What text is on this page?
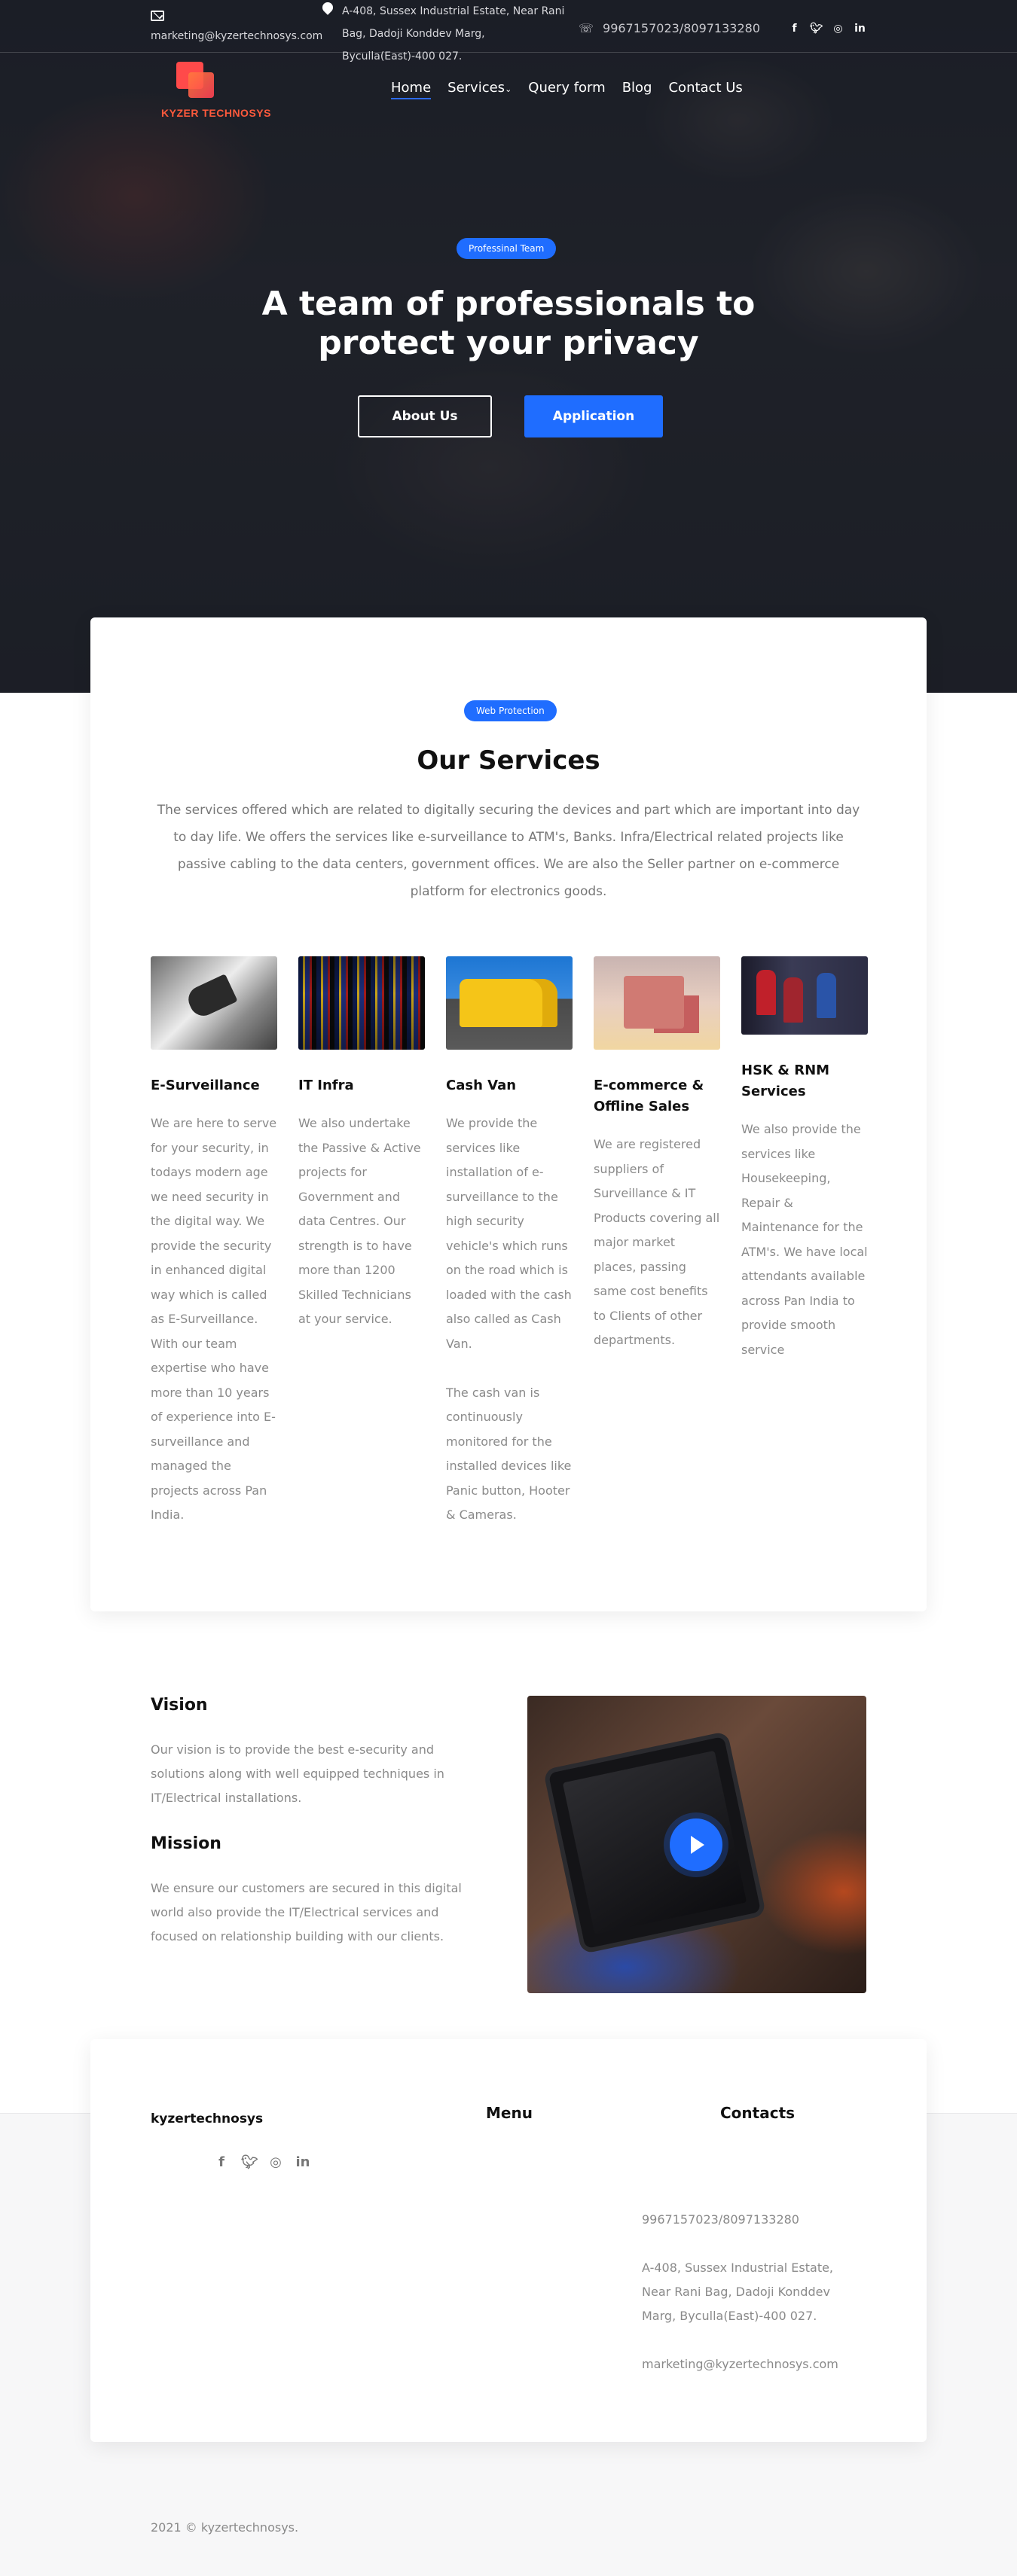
marketing@kyzertechnosys.com
A-408, Sussex Industrial Estate, Near Rani Bag, Dadoji Konddev Marg, Byculla(East)-400 027.
☏ 9967157023/8097133280	f	🐦︎ ◎ in
KYZER TECHNOSYS
Home Services⌄ Query form Blog Contact Us
Professinal Team
A team of professionals to protect your privacy
About Us	Application
Web Protection
Our Services

The services offered which are related to digitally securing the devices and part which are important into day to day life. We offers the services like e-surveillance to ATM's, Banks. Infra/Electrical related projects like passive cabling to the data centers, government offices. We are also the Seller partner on e-commerce platform for electronics goods.

E-Surveillance

We are here to serve for your security, in todays modern age we need security in the digital way. We provide the security in enhanced digital way which is called as E-Surveillance. With our team expertise who have more than 10 years of experience into E-surveillance and managed the projects across Pan India.

IT Infra

We also undertake the Passive & Active projects for Government and data Centres. Our strength is to have more than 1200 Skilled Technicians at your service.

Cash Van

We provide the services like installation of e-surveillance to the high security vehicle's which runs on the road which is loaded with the cash also called as Cash Van.

The cash van is continuously monitored for the installed devices like Panic button, Hooter & Cameras.

E-commerce & Offline Sales

We are registered suppliers of Surveillance & IT Products covering all major market places, passing same cost benefits to Clients of other departments.

HSK & RNM Services

We also provide the services like Housekeeping, Repair & Maintenance for the ATM's. We have local attendants available across Pan India to provide smooth service

Vision

Our vision is to provide the best e-security and solutions along with well equipped techniques in IT/Electrical installations.

Mission

We ensure our customers are secured in this digital world also provide the IT/Electrical services and focused on relationship building with our clients.

kyzertechnosys
f	🐦︎ ◎ in
Menu	Contacts
9967157023/8097133280
A-408, Sussex Industrial Estate, Near Rani Bag, Dadoji Konddev Marg, Byculla(East)-400 027.
marketing@kyzertechnosys.com
2021 © kyzertechnosys.
